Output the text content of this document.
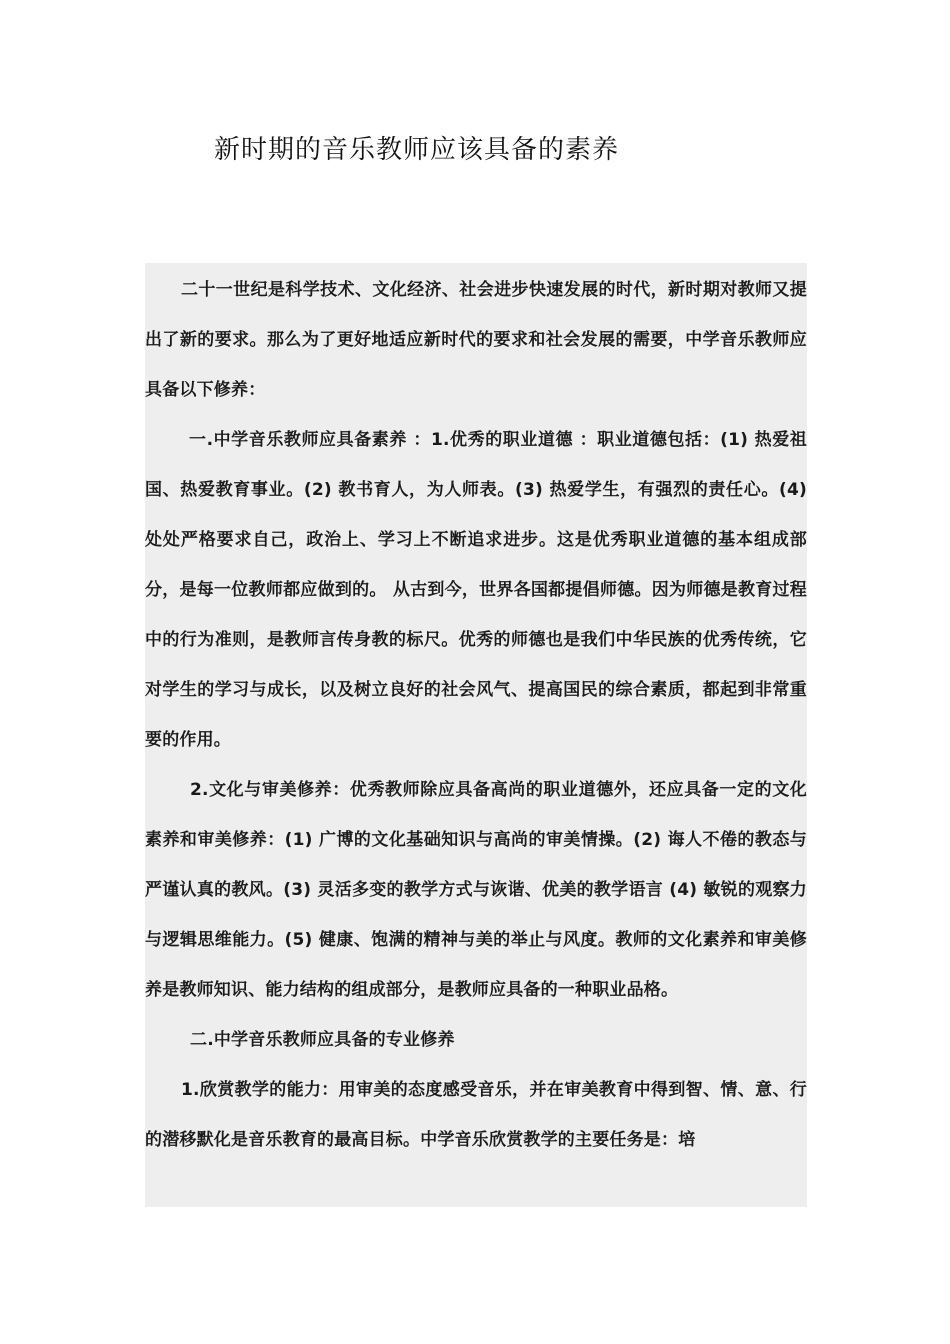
新时期的音乐教师应该具备的素养

二十一世纪是科学技术、文化经济、社会进步快速发展的时代，新时期对教师又提出了新的要求。那么为了更好地适应新时代的要求和社会发展的需要，中学音乐教师应具备以下修养：

一.中学音乐教师应具备素养 ：1.优秀的职业道德 ：职业道德包括：(1) 热爱祖国、热爱教育事业。(2) 教书育人，为人师表。(3) 热爱学生，有强烈的责任心。(4) 处处严格要求自己，政治上、学习上不断追求进步。这是优秀职业道德的基本组成部分，是每一位教师都应做到的。 从古到今，世界各国都提倡师德。因为师德是教育过程中的行为准则，是教师言传身教的标尺。优秀的师德也是我们中华民族的优秀传统，它对学生的学习与成长，以及树立良好的社会风气、提高国民的综合素质，都起到非常重要的作用。

2.文化与审美修养：优秀教师除应具备高尚的职业道德外，还应具备一定的文化素养和审美修养：(1) 广博的文化基础知识与高尚的审美情操。(2) 诲人不倦的教态与严谨认真的教风。(3) 灵活多变的教学方式与诙谐、优美的教学语言 (4) 敏锐的观察力与逻辑思维能力。(5) 健康、饱满的精神与美的举止与风度。教师的文化素养和审美修养是教师知识、能力结构的组成部分，是教师应具备的一种职业品格。

二.中学音乐教师应具备的专业修养

1.欣赏教学的能力：用审美的态度感受音乐，并在审美教育中得到智、情、意、行的潜移默化是音乐教育的最高目标。中学音乐欣赏教学的主要任务是：培
